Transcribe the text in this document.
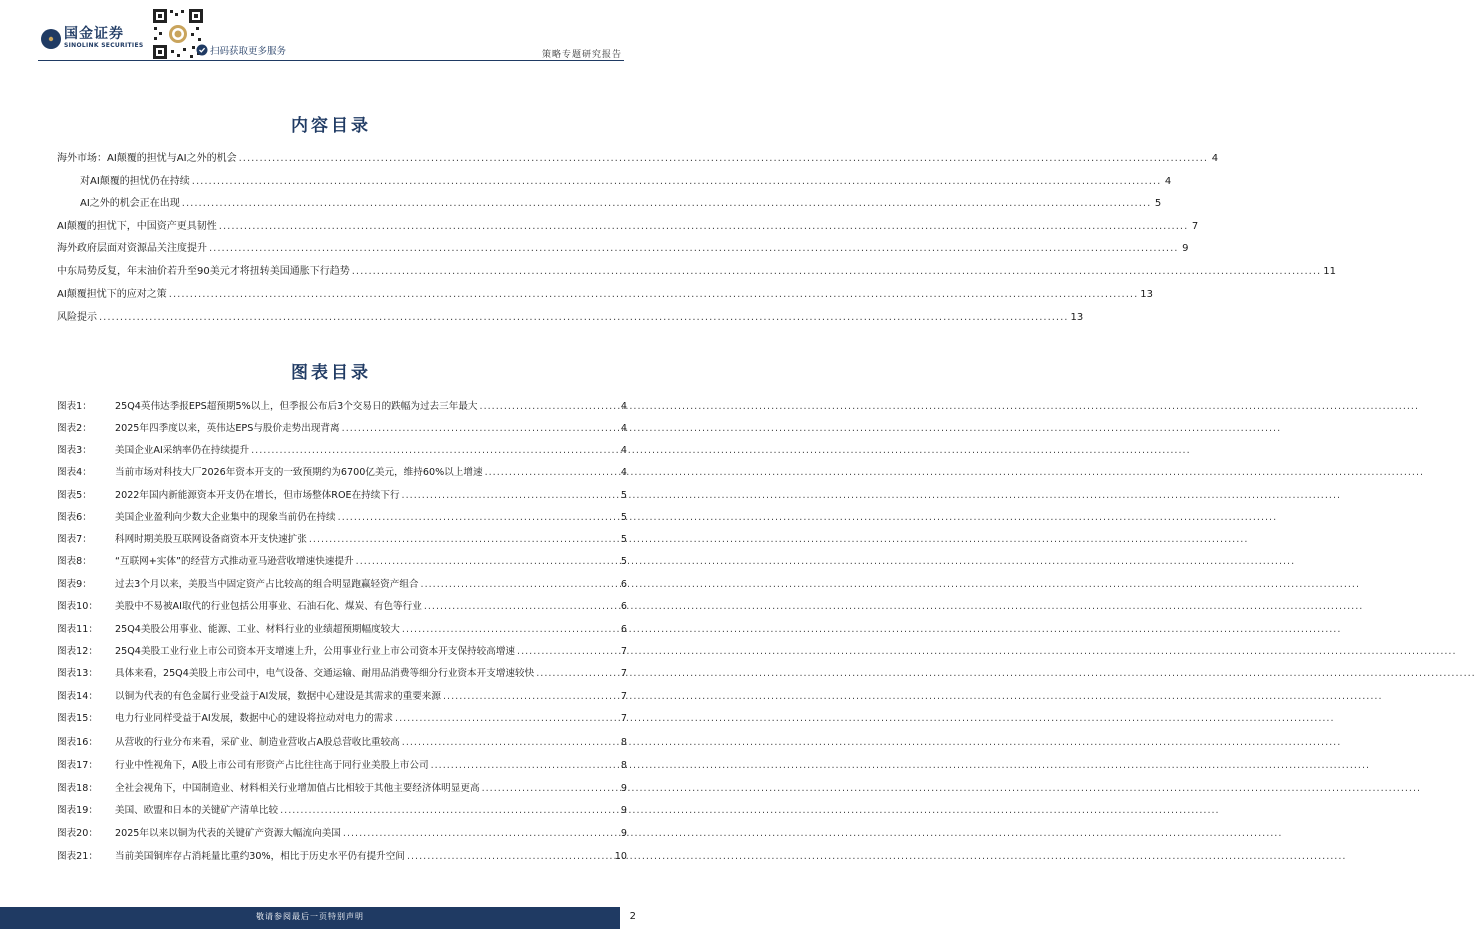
国金证券
SINOLINK SECURITIES
扫码获取更多服务	策略专题研究报告
内容目录
海外市场：AI颠覆的担忧与AI之外的机会 .....	4
对AI颠覆的担忧仍在持续 .....	4
AI之外的机会正在出现 .....	5
AI颠覆的担忧下，中国资产更具韧性 .....	7
海外政府层面对资源品关注度提升 .....	9
中东局势反复，年末油价若升至90美元才将扭转美国通胀下行趋势 .....	11
AI颠覆担忧下的应对之策 .....	13
风险提示 .....	13
图表目录
图表1：	25Q4英伟达季报EPS超预期5%以上，但季报公布后3个交易日的跌幅为过去三年最大 .....	4
图表2：	2025年四季度以来，英伟达EPS与股价走势出现背离 .....	4
图表3：	美国企业AI采纳率仍在持续提升 .....	4
图表4：	当前市场对科技大厂2026年资本开支的一致预期约为6700亿美元，维持60%以上增速 .....	4
图表5：	2022年国内新能源资本开支仍在增长，但市场整体ROE在持续下行 .....	5
图表6：	美国企业盈利向少数大企业集中的现象当前仍在持续 .....	5
图表7：	科网时期美股互联网设备商资本开支快速扩张 .....	5
图表8：	“互联网+实体”的经营方式推动亚马逊营收增速快速提升 .....	5
图表9：	过去3个月以来，美股当中固定资产占比较高的组合明显跑赢轻资产组合 .....	6
图表10：	美股中不易被AI取代的行业包括公用事业、石油石化、煤炭、有色等行业 .....	6
图表11：	25Q4美股公用事业、能源、工业、材料行业的业绩超预期幅度较大 .....	6
图表12：	25Q4美股工业行业上市公司资本开支增速上升，公用事业行业上市公司资本开支保持较高增速 .....	7
图表13：	具体来看，25Q4美股上市公司中，电气设备、交通运输、耐用品消费等细分行业资本开支增速较快 .....	7
图表14：	以铜为代表的有色金属行业受益于AI发展，数据中心建设是其需求的重要来源 .....	7
图表15：	电力行业同样受益于AI发展，数据中心的建设将拉动对电力的需求 .....	7
图表16：	从营收的行业分布来看，采矿业、制造业营收占A股总营收比重较高 .....	8
图表17：	行业中性视角下，A股上市公司有形资产占比往往高于同行业美股上市公司 .....	8
图表18：	全社会视角下，中国制造业、材料相关行业增加值占比相较于其他主要经济体明显更高 .....	9
图表19：	美国、欧盟和日本的关键矿产清单比较 .....	9
图表20：	2025年以来以铜为代表的关键矿产资源大幅流向美国 .....	9
图表21：	当前美国铜库存占消耗量比重约30%，相比于历史水平仍有提升空间 .....	10
敬请参阅最后一页特别声明	2
